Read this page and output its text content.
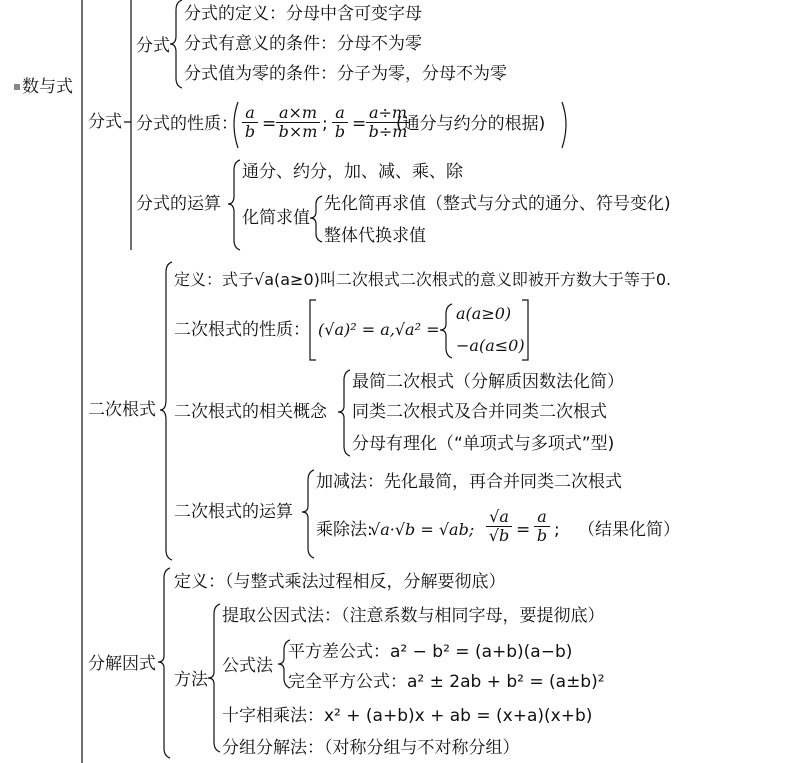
数与式
分式
分式
分式的定义：分母中含可变字母
分式有意义的条件：分母不为零
分式值为零的条件：分子为零，分母不为零
分式的性质： $\frac{a}{b} = \frac{a\times m}{b\times m}$ ; $\frac{a}{b} = \frac{a\div m}{b\div m}$
(通分与约分的根据)
分式的运算
通分、约分，加、减、乘、除
化简求值
先化简再求值（整式与分式的通分、符号变化)
整体代换求值
二次根式
定义：式子√a(a≥0)叫二次根式二次根式的意义即被开方数大于等于0.
二次根式的性质： (√a)² = a,√a² =
a(a≥0)
−a(a≤0)
二次根式的相关概念
最简二次根式（分解质因数法化简）
同类二次根式及合并同类二次根式
分母有理化（“单项式与多项式”型)
二次根式的运算
加减法：先化最简，再合并同类二次根式
乘除法:
√a·√b = √ab; $\frac{√a}{√b} = \frac{a}{b}$ ; （结果化简）
分解因式
定义：（与整式乘法过程相反，分解要彻底）
方法
提取公因式法：（注意系数与相同字母，要提彻底）
公式法
平方差公式：a² − b² = (a+b)(a−b)
完全平方公式：a² ± 2ab + b² = (a±b)²
十字相乘法：x² + (a+b)x + ab = (x+a)(x+b)
分组分解法：（对称分组与不对称分组）
